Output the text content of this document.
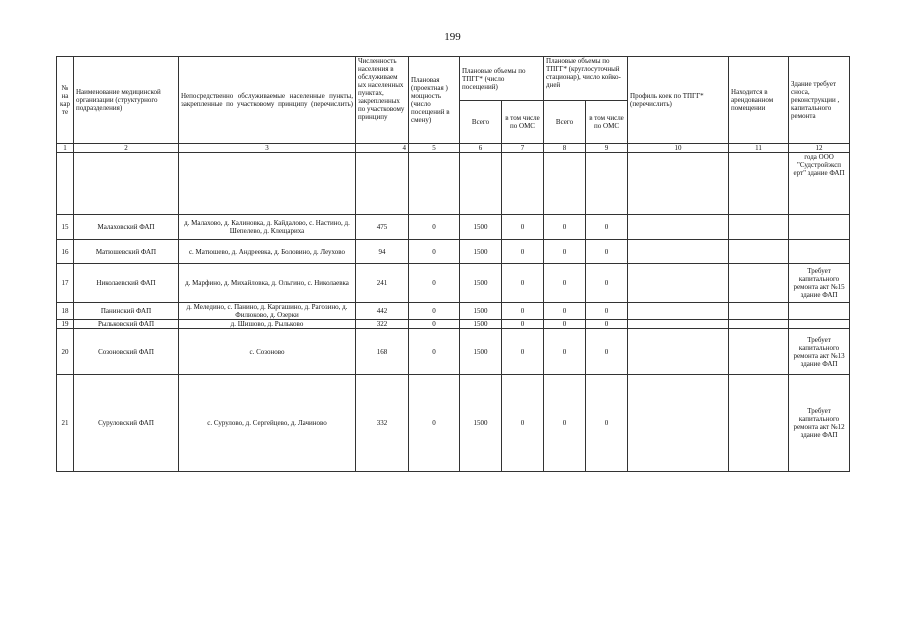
199
№ на кар те	Наименование медицинской организации (структурного подразделения)	Непосредственно обслуживаемые населенные пункты, закрепленные по участковому принципу (перечислить)	Численность населения в обслуживаем ых населенных пунктах, закрепленных по участковому принципу	Плановая (проектная ) мощность (число посещений в смену)	Плановые объемы по ТПГГ* (число посещений)		Плановые объемы по ТПГГ* (круглосуточный стационар), число койко-дней		Профиль коек по ТПГГ* (перечислить)	Находится в арендованном помещении	Здание требует сноса, реконструкции , капитального ремонта
					Всего	в том числе по ОМС	Всего	в том числе по ОМС			
1	2	3	4	5	6	7	8	9	10	11	12
											года ООО "Судстройэксп ерт" здание ФАП
15	Малаховский ФАП	д. Малахово, д. Калиновка, д. Кайдалово, с. Настино, д. Шепелево, д. Клещариха	475	0	1500	0	0	0			
16	Матюшевский ФАП	с. Матюшево, д. Андреевка, д. Боловино, д. Леухово	94	0	1500	0	0	0			
17	Николаевский ФАП	д. Марфино, д. Михайловка, д. Ольгино, с. Николаевка	241	0	1500	0	0	0			Требует капитального ремонта акт №15 здание ФАП
18	Панинский ФАП	д. Меледино, с. Панино, д. Каргашино, д. Рагозино, д. Филюково, д. Озерки	442	0	1500	0	0	0			
19	Рыльковский ФАП	д. Шишово, д. Рыльково	322	0	1500	0	0	0			
20	Созоновский ФАП	с. Созоново	168	0	1500	0	0	0			Требует капитального ремонта акт №13 здание ФАП
21	Суруловский ФАП	с. Сурулово, д. Сергейцево, д. Лачиново	332	0	1500	0	0	0			Требует капитального ремонта акт №12 здание ФАП
